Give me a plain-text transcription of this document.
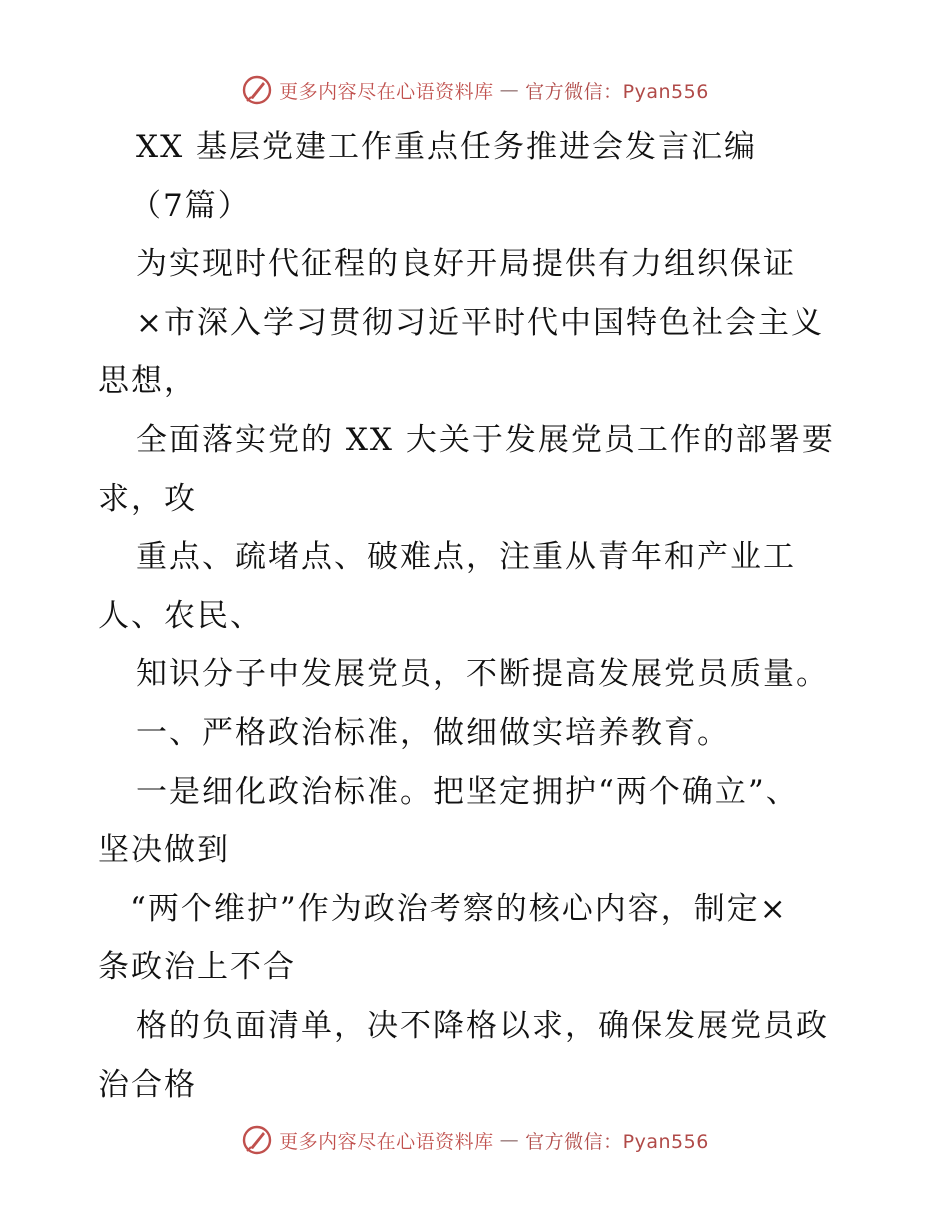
更多内容尽在心语资料库 — 官方微信：Pyan556
XX 基层党建工作重点任务推进会发言汇编
（7篇）
为实现时代征程的良好开局提供有力组织保证
×市深入学习贯彻习近平时代中国特色社会主义
思想，
全面落实党的 XX 大关于发展党员工作的部署要
求，攻
重点、疏堵点、破难点，注重从青年和产业工
人、农民、
知识分子中发展党员，不断提高发展党员质量。
一、严格政治标准，做细做实培养教育。
一是细化政治标准。把坚定拥护“两个确立”、
坚决做到
“两个维护”作为政治考察的核心内容，制定×
条政治上不合
格的负面清单，决不降格以求，确保发展党员政
治合格
更多内容尽在心语资料库 — 官方微信：Pyan556
